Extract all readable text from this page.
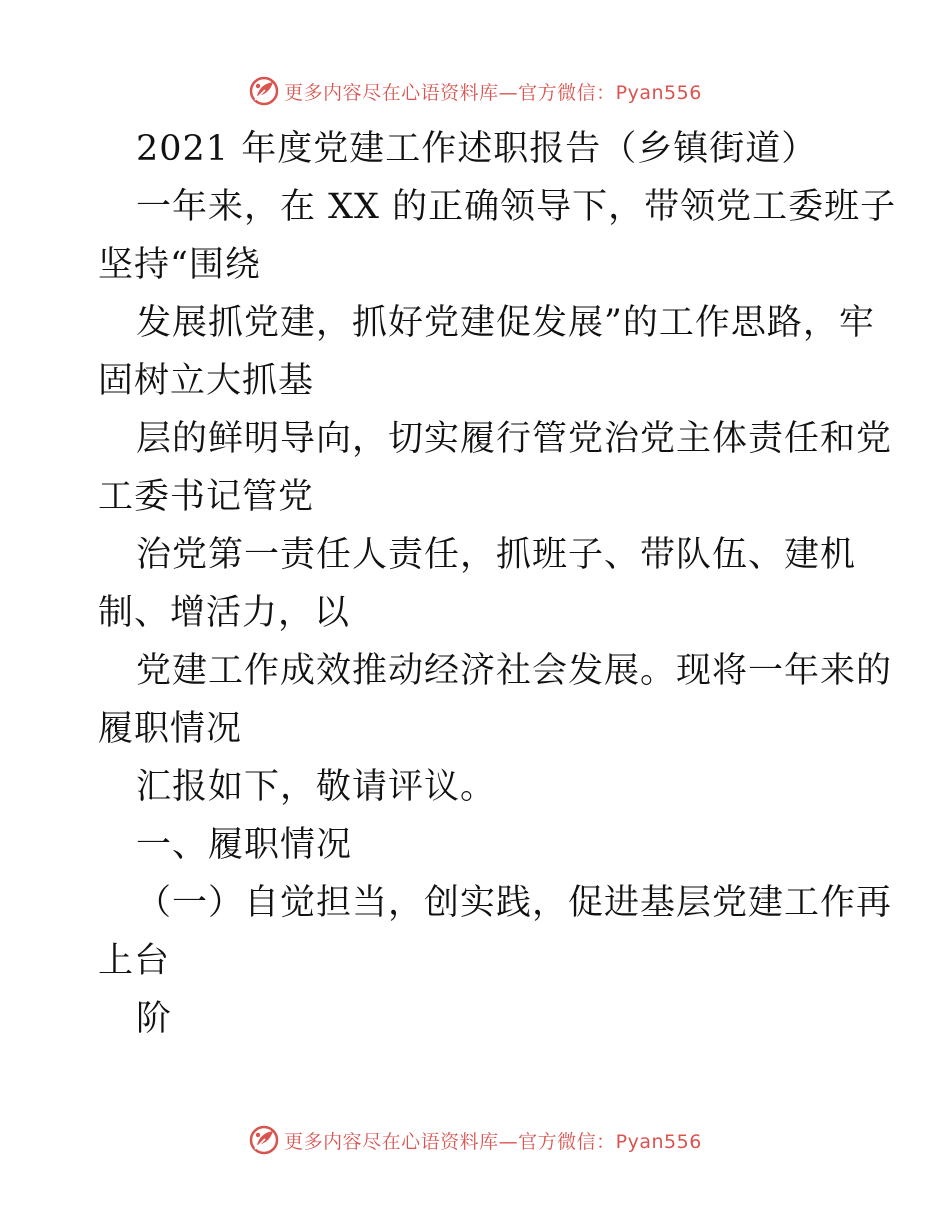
更多内容尽在心语资料库—官方微信：Pyan556
2021 年度党建工作述职报告（乡镇街道）
一年来，在 XX 的正确领导下，带领党工委班子
坚持“围绕
发展抓党建，抓好党建促发展”的工作思路，牢
固树立大抓基
层的鲜明导向，切实履行管党治党主体责任和党
工委书记管党
治党第一责任人责任，抓班子、带队伍、建机
制、增活力，以
党建工作成效推动经济社会发展。现将一年来的
履职情况
汇报如下，敬请评议。
一、履职情况
（一）自觉担当，创实践，促进基层党建工作再
上台
阶
更多内容尽在心语资料库—官方微信：Pyan556
